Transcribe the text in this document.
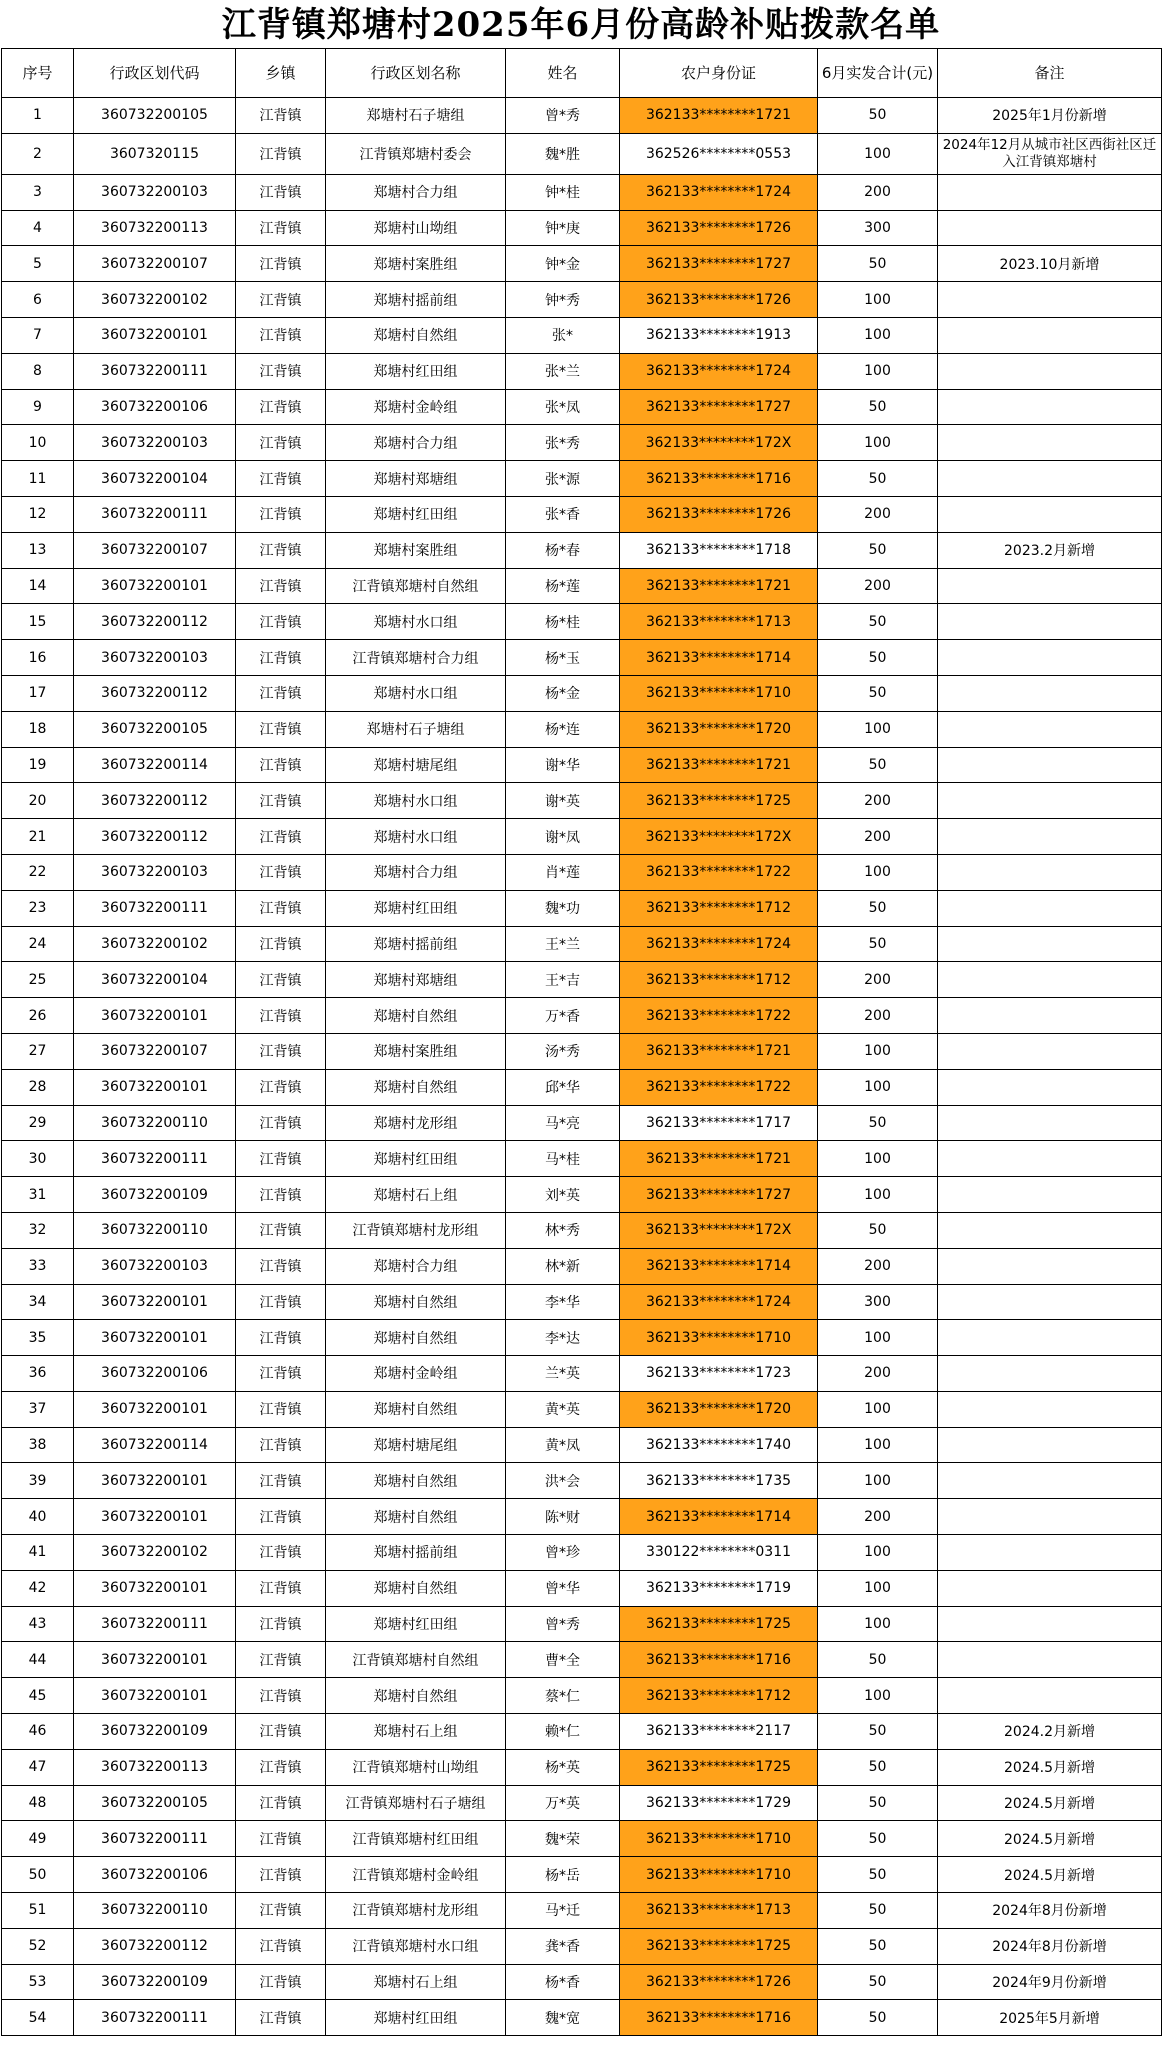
江背镇郑塘村2025年6月份高龄补贴拨款名单
序号	行政区划代码	乡镇	行政区划名称	姓名	农户身份证	6月实发合计(元)	备注
1	360732200105	江背镇	郑塘村石子塘组	曾*秀	362133********1721	50	2025年1月份新增
2	3607320115	江背镇	江背镇郑塘村委会	魏*胜	362526********0553	100	2024年12月从城市社区西街社区迁入江背镇郑塘村
3	360732200103	江背镇	郑塘村合力组	钟*桂	362133********1724	200	
4	360732200113	江背镇	郑塘村山坳组	钟*庚	362133********1726	300	
5	360732200107	江背镇	郑塘村案胜组	钟*金	362133********1727	50	2023.10月新增
6	360732200102	江背镇	郑塘村摇前组	钟*秀	362133********1726	100	
7	360732200101	江背镇	郑塘村自然组	张*	362133********1913	100	
8	360732200111	江背镇	郑塘村红田组	张*兰	362133********1724	100	
9	360732200106	江背镇	郑塘村金岭组	张*凤	362133********1727	50	
10	360732200103	江背镇	郑塘村合力组	张*秀	362133********172X	100	
11	360732200104	江背镇	郑塘村郑塘组	张*源	362133********1716	50	
12	360732200111	江背镇	郑塘村红田组	张*香	362133********1726	200	
13	360732200107	江背镇	郑塘村案胜组	杨*春	362133********1718	50	2023.2月新增
14	360732200101	江背镇	江背镇郑塘村自然组	杨*莲	362133********1721	200	
15	360732200112	江背镇	郑塘村水口组	杨*桂	362133********1713	50	
16	360732200103	江背镇	江背镇郑塘村合力组	杨*玉	362133********1714	50	
17	360732200112	江背镇	郑塘村水口组	杨*金	362133********1710	50	
18	360732200105	江背镇	郑塘村石子塘组	杨*连	362133********1720	100	
19	360732200114	江背镇	郑塘村塘尾组	谢*华	362133********1721	50	
20	360732200112	江背镇	郑塘村水口组	谢*英	362133********1725	200	
21	360732200112	江背镇	郑塘村水口组	谢*凤	362133********172X	200	
22	360732200103	江背镇	郑塘村合力组	肖*莲	362133********1722	100	
23	360732200111	江背镇	郑塘村红田组	魏*功	362133********1712	50	
24	360732200102	江背镇	郑塘村摇前组	王*兰	362133********1724	50	
25	360732200104	江背镇	郑塘村郑塘组	王*吉	362133********1712	200	
26	360732200101	江背镇	郑塘村自然组	万*香	362133********1722	200	
27	360732200107	江背镇	郑塘村案胜组	汤*秀	362133********1721	100	
28	360732200101	江背镇	郑塘村自然组	邱*华	362133********1722	100	
29	360732200110	江背镇	郑塘村龙形组	马*亮	362133********1717	50	
30	360732200111	江背镇	郑塘村红田组	马*桂	362133********1721	100	
31	360732200109	江背镇	郑塘村石上组	刘*英	362133********1727	100	
32	360732200110	江背镇	江背镇郑塘村龙形组	林*秀	362133********172X	50	
33	360732200103	江背镇	郑塘村合力组	林*新	362133********1714	200	
34	360732200101	江背镇	郑塘村自然组	李*华	362133********1724	300	
35	360732200101	江背镇	郑塘村自然组	李*达	362133********1710	100	
36	360732200106	江背镇	郑塘村金岭组	兰*英	362133********1723	200	
37	360732200101	江背镇	郑塘村自然组	黄*英	362133********1720	100	
38	360732200114	江背镇	郑塘村塘尾组	黄*凤	362133********1740	100	
39	360732200101	江背镇	郑塘村自然组	洪*会	362133********1735	100	
40	360732200101	江背镇	郑塘村自然组	陈*财	362133********1714	200	
41	360732200102	江背镇	郑塘村摇前组	曾*珍	330122********0311	100	
42	360732200101	江背镇	郑塘村自然组	曾*华	362133********1719	100	
43	360732200111	江背镇	郑塘村红田组	曾*秀	362133********1725	100	
44	360732200101	江背镇	江背镇郑塘村自然组	曹*全	362133********1716	50	
45	360732200101	江背镇	郑塘村自然组	蔡*仁	362133********1712	100	
46	360732200109	江背镇	郑塘村石上组	赖*仁	362133********2117	50	2024.2月新增
47	360732200113	江背镇	江背镇郑塘村山坳组	杨*英	362133********1725	50	2024.5月新增
48	360732200105	江背镇	江背镇郑塘村石子塘组	万*英	362133********1729	50	2024.5月新增
49	360732200111	江背镇	江背镇郑塘村红田组	魏*荣	362133********1710	50	2024.5月新增
50	360732200106	江背镇	江背镇郑塘村金岭组	杨*岳	362133********1710	50	2024.5月新增
51	360732200110	江背镇	江背镇郑塘村龙形组	马*迁	362133********1713	50	2024年8月份新增
52	360732200112	江背镇	江背镇郑塘村水口组	龚*香	362133********1725	50	2024年8月份新增
53	360732200109	江背镇	郑塘村石上组	杨*香	362133********1726	50	2024年9月份新增
54	360732200111	江背镇	郑塘村红田组	魏*宽	362133********1716	50	2025年5月新增
